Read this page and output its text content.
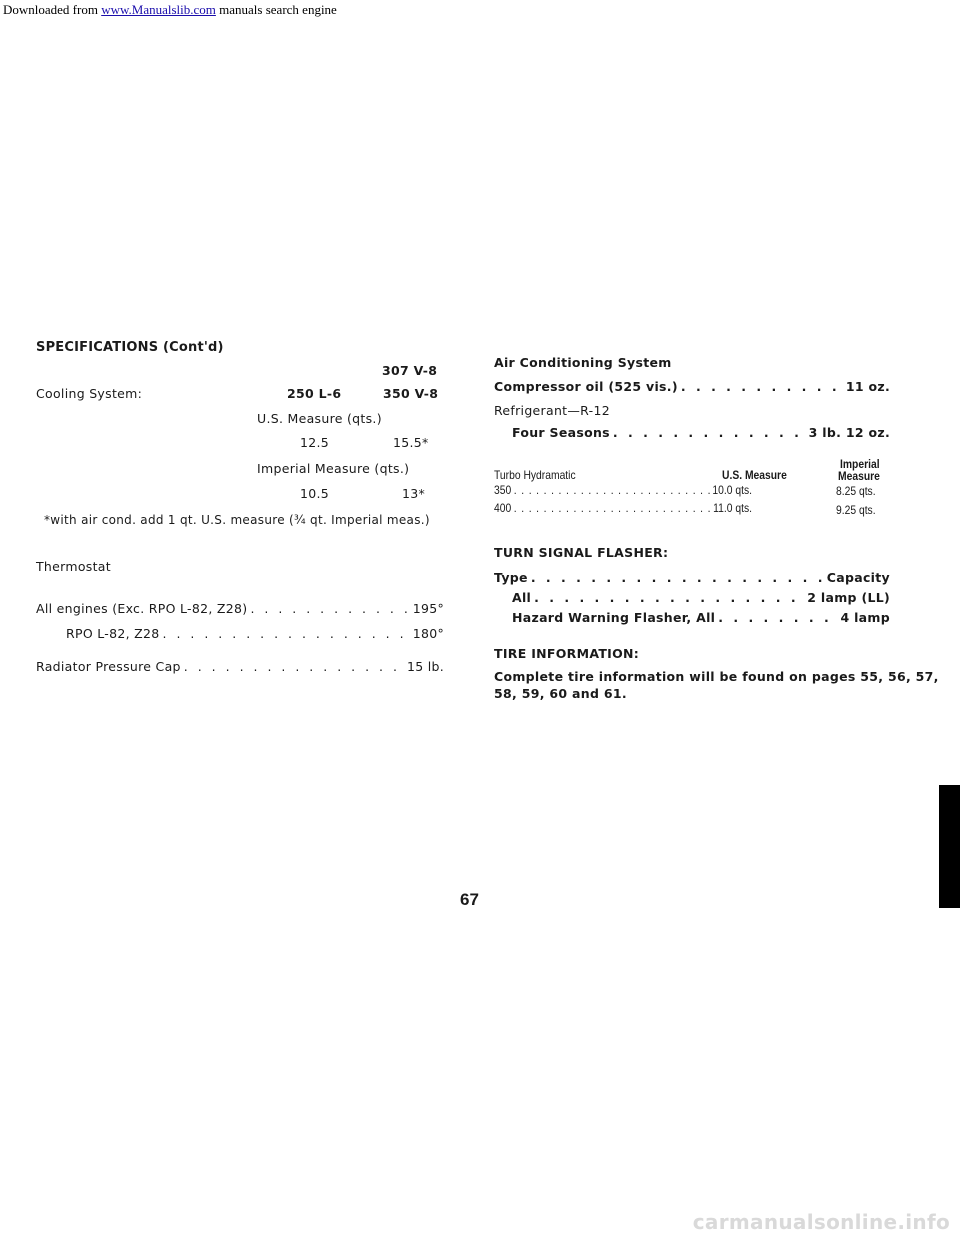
Downloaded from www.Manualslib.com manuals search engine
SPECIFICATIONS (Cont'd)
307 V-8
Cooling System:	250 L-6	350 V-8
U.S. Measure (qts.)
12.5	15.5*
Imperial Measure (qts.)
10.5	13*
*with air cond. add 1 qt. U.S. measure (¾ qt. Imperial meas.)
Thermostat
All engines (Exc. RPO L-82, Z28) . . .	195°
RPO L-82, Z28 . . .	180°
Radiator Pressure Cap . . .	15 lb.
Air Conditioning System
Compressor oil (525 vis.) . . .	11 oz.
Refrigerant—R-12
Four Seasons . . .	3 lb. 12 oz.
Imperial
Turbo Hydramatic	U.S. Measure	Measure
350 . . .	10.0 qts.	8.25 qts.
400 . . .	11.0 qts.	9.25 qts.
TURN SIGNAL FLASHER:
Type . . .	Capacity
All . . .	2 lamp (LL)
Hazard Warning Flasher, All . . .	4 lamp
TIRE INFORMATION:
Complete tire information will be found on pages 55, 56, 57,
58, 59, 60 and 61.
67
carmanualsonline.info
